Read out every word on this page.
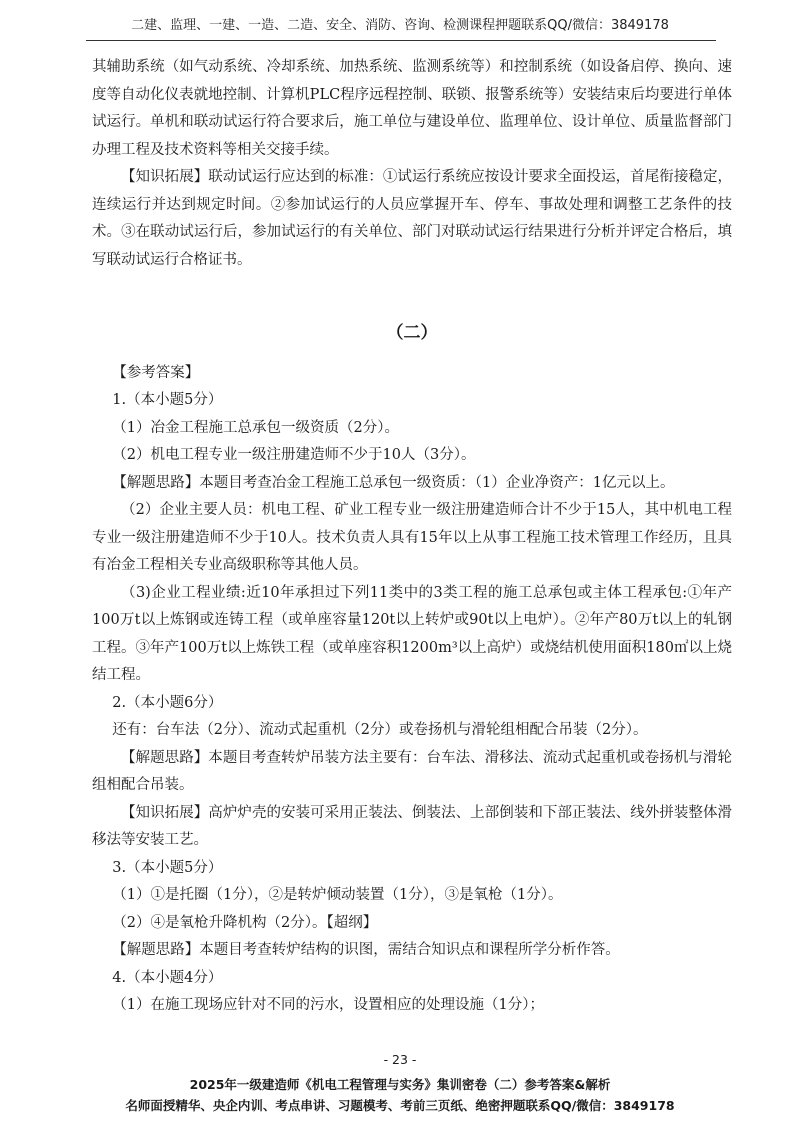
二建、监理、一建、一造、二造、安全、消防、咨询、检测课程押题联系QQ/微信：3849178

其辅助系统（如气动系统、冷却系统、加热系统、监测系统等）和控制系统（如设备启停、换向、速度等自动化仪表就地控制、计算机PLC程序远程控制、联锁、报警系统等）安装结束后均要进行单体试运行。单机和联动试运行符合要求后，施工单位与建设单位、监理单位、设计单位、质量监督部门办理工程及技术资料等相关交接手续。

【知识拓展】联动试运行应达到的标准：①试运行系统应按设计要求全面投运，首尾衔接稳定，连续运行并达到规定时间。②参加试运行的人员应掌握开车、停车、事故处理和调整工艺条件的技术。③在联动试运行后，参加试运行的有关单位、部门对联动试运行结果进行分析并评定合格后，填写联动试运行合格证书。

（二）

【参考答案】

1.（本小题5分）

（1）冶金工程施工总承包一级资质（2分）。

（2）机电工程专业一级注册建造师不少于10人（3分）。

【解题思路】本题目考查冶金工程施工总承包一级资质：（1）企业净资产：1亿元以上。

（2）企业主要人员：机电工程、矿业工程专业一级注册建造师合计不少于15人，其中机电工程专业一级注册建造师不少于10人。技术负责人具有15年以上从事工程施工技术管理工作经历，且具有冶金工程相关专业高级职称等其他人员。

（3)企业工程业绩:近10年承担过下列11类中的3类工程的施工总承包或主体工程承包:①年产100万t以上炼钢或连铸工程（或单座容量120t以上转炉或90t以上电炉）。②年产80万t以上的轧钢工程。③年产100万t以上炼铁工程（或单座容积1200m³以上高炉）或烧结机使用面积180㎡以上烧结工程。

2.（本小题6分）

还有：台车法（2分）、流动式起重机（2分）或卷扬机与滑轮组相配合吊装（2分）。

【解题思路】本题目考查转炉吊装方法主要有：台车法、滑移法、流动式起重机或卷扬机与滑轮组相配合吊装。

【知识拓展】高炉炉壳的安装可采用正装法、倒装法、上部倒装和下部正装法、线外拼装整体滑移法等安装工艺。

3.（本小题5分）

（1）①是托圈（1分），②是转炉倾动装置（1分），③是氧枪（1分）。

（2）④是氧枪升降机构（2分）。【超纲】

【解题思路】本题目考查转炉结构的识图，需结合知识点和课程所学分析作答。

4.（本小题4分）

（1）在施工现场应针对不同的污水，设置相应的处理设施（1分）；

- 23 -
2025年一级建造师《机电工程管理与实务》集训密卷（二）参考答案&解析
名师面授精华、央企内训、考点串讲、习题模考、考前三页纸、绝密押题联系QQ/微信：3849178
